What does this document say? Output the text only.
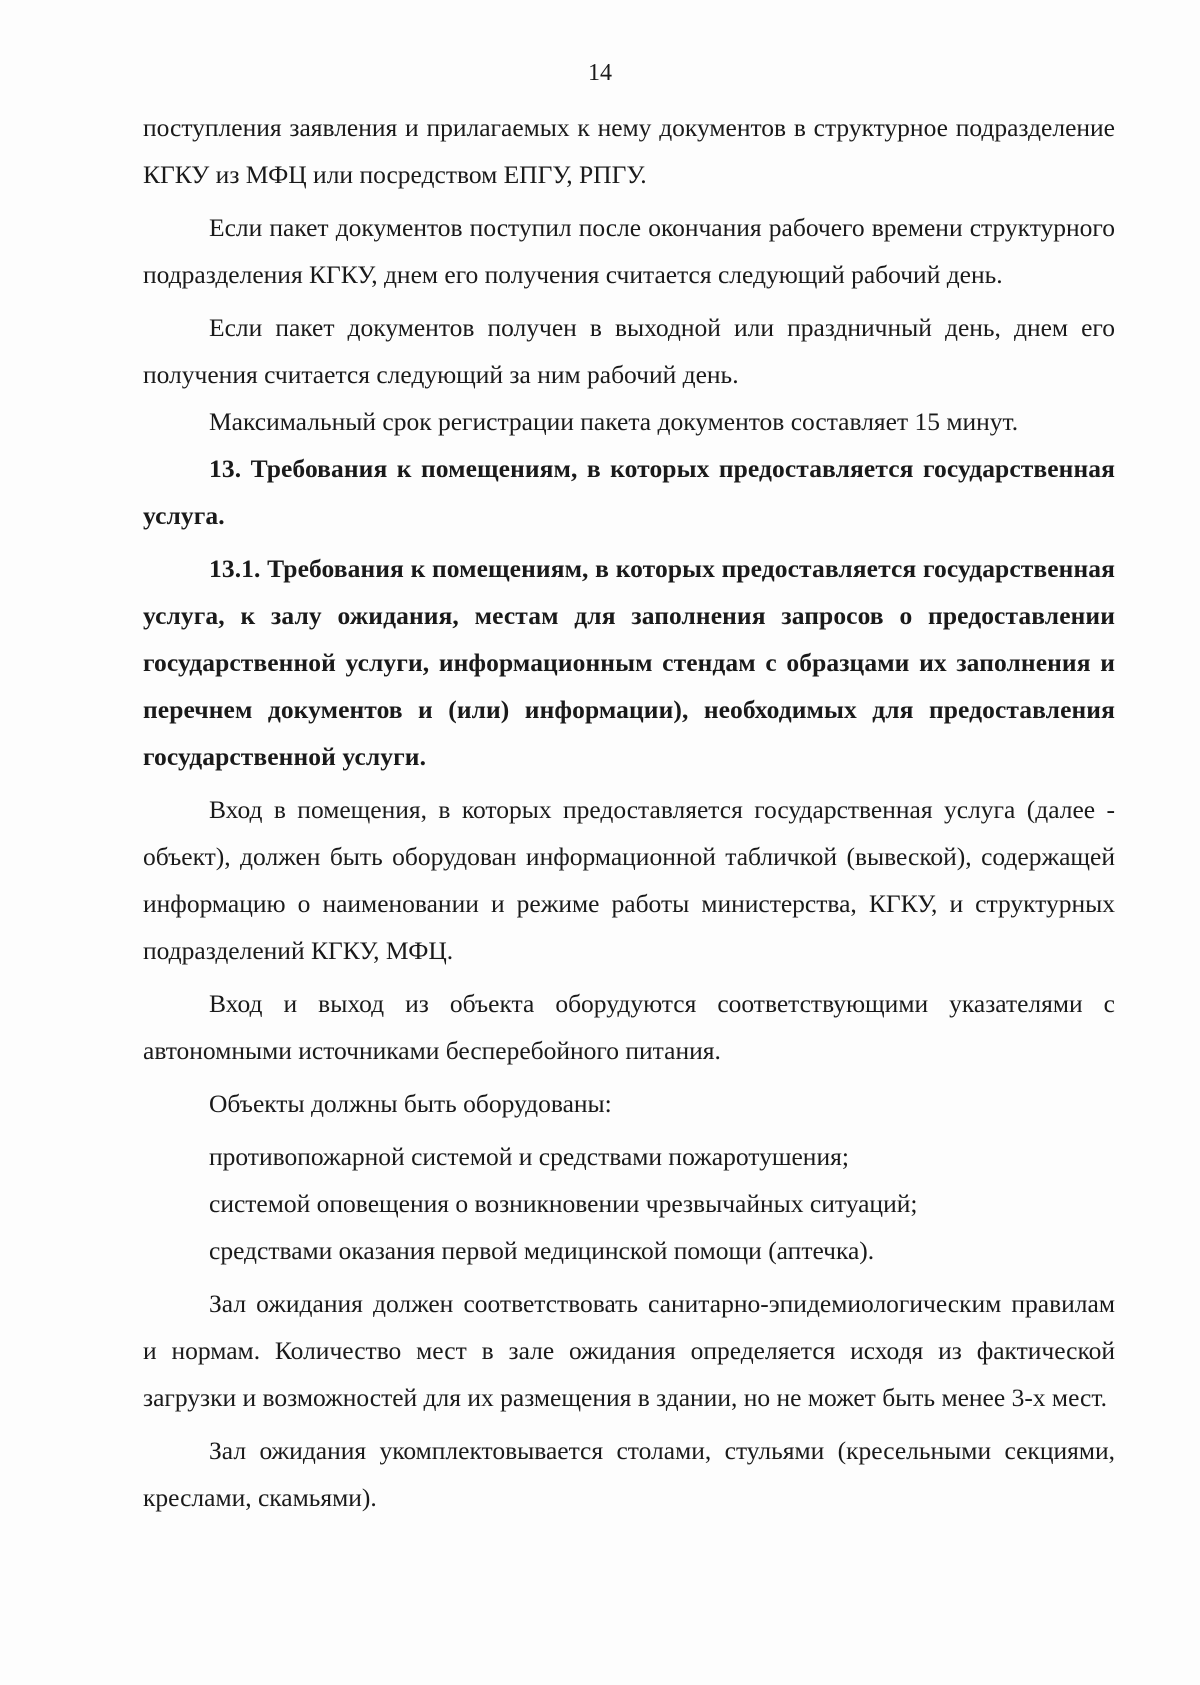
14

поступления заявления и прилагаемых к нему документов в структурное подразделение КГКУ из МФЦ или посредством ЕПГУ, РПГУ.

Если пакет документов поступил после окончания рабочего времени структурного подразделения КГКУ, днем его получения считается следующий рабочий день.

Если пакет документов получен в выходной или праздничный день, днем его получения считается следующий за ним рабочий день.

Максимальный срок регистрации пакета документов составляет 15 минут.

13. Требования к помещениям, в которых предоставляется государственная услуга.

13.1. Требования к помещениям, в которых предоставляется государственная услуга, к залу ожидания, местам для заполнения запросов о предоставлении государственной услуги, информационным стендам с образцами их заполнения и перечнем документов и (или) информации), необходимых для предоставления государственной услуги.

Вход в помещения, в которых предоставляется государственная услуга (далее - объект), должен быть оборудован информационной табличкой (вывеской), содержащей информацию о наименовании и режиме работы министерства, КГКУ, и структурных подразделений КГКУ, МФЦ.

Вход и выход из объекта оборудуются соответствующими указателями с автономными источниками бесперебойного питания.

Объекты должны быть оборудованы:

противопожарной системой и средствами пожаротушения;

системой оповещения о возникновении чрезвычайных ситуаций;

средствами оказания первой медицинской помощи (аптечка).

Зал ожидания должен соответствовать санитарно-эпидемиологическим правилам и нормам. Количество мест в зале ожидания определяется исходя из фактической загрузки и возможностей для их размещения в здании, но не может быть менее 3-х мест.

Зал ожидания укомплектовывается столами, стульями (кресельными секциями, креслами, скамьями).
